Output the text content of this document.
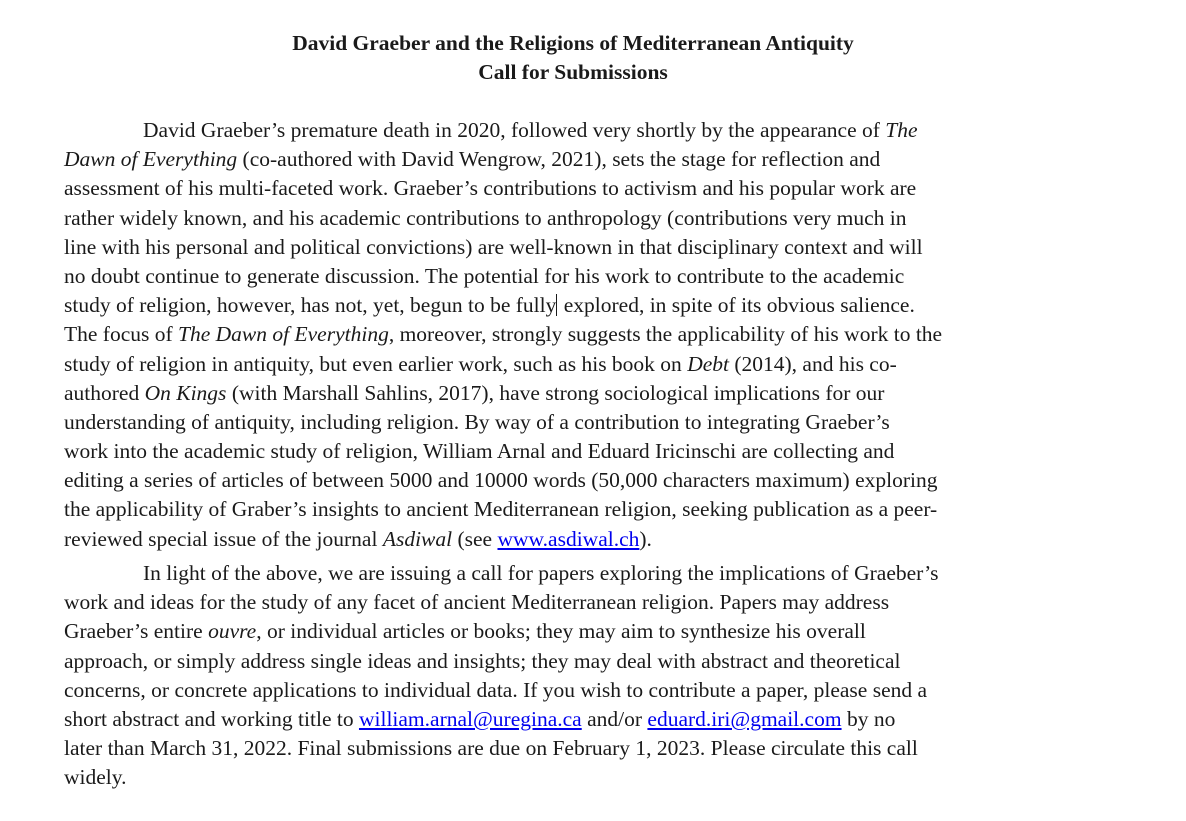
David Graeber and the Religions of Mediterranean Antiquity
Call for Submissions
David Graeber’s premature death in 2020, followed very shortly by the appearance of The
Dawn of Everything (co-authored with David Wengrow, 2021), sets the stage for reflection and
assessment of his multi-faceted work. Graeber’s contributions to activism and his popular work are
rather widely known, and his academic contributions to anthropology (contributions very much in
line with his personal and political convictions) are well-known in that disciplinary context and will
no doubt continue to generate discussion. The potential for his work to contribute to the academic
study of religion, however, has not, yet, begun to be fully explored, in spite of its obvious salience.
The focus of The Dawn of Everything, moreover, strongly suggests the applicability of his work to the
study of religion in antiquity, but even earlier work, such as his book on Debt (2014), and his co-
authored On Kings (with Marshall Sahlins, 2017), have strong sociological implications for our
understanding of antiquity, including religion. By way of a contribution to integrating Graeber’s
work into the academic study of religion, William Arnal and Eduard Iricinschi are collecting and
editing a series of articles of between 5000 and 10000 words (50,000 characters maximum) exploring
the applicability of Graber’s insights to ancient Mediterranean religion, seeking publication as a peer-
reviewed special issue of the journal Asdiwal (see www.asdiwal.ch).
In light of the above, we are issuing a call for papers exploring the implications of Graeber’s
work and ideas for the study of any facet of ancient Mediterranean religion. Papers may address
Graeber’s entire ouvre, or individual articles or books; they may aim to synthesize his overall
approach, or simply address single ideas and insights; they may deal with abstract and theoretical
concerns, or concrete applications to individual data. If you wish to contribute a paper, please send a
short abstract and working title to william.arnal@uregina.ca and/or eduard.iri@gmail.com by no
later than March 31, 2022. Final submissions are due on February 1, 2023. Please circulate this call
widely.
